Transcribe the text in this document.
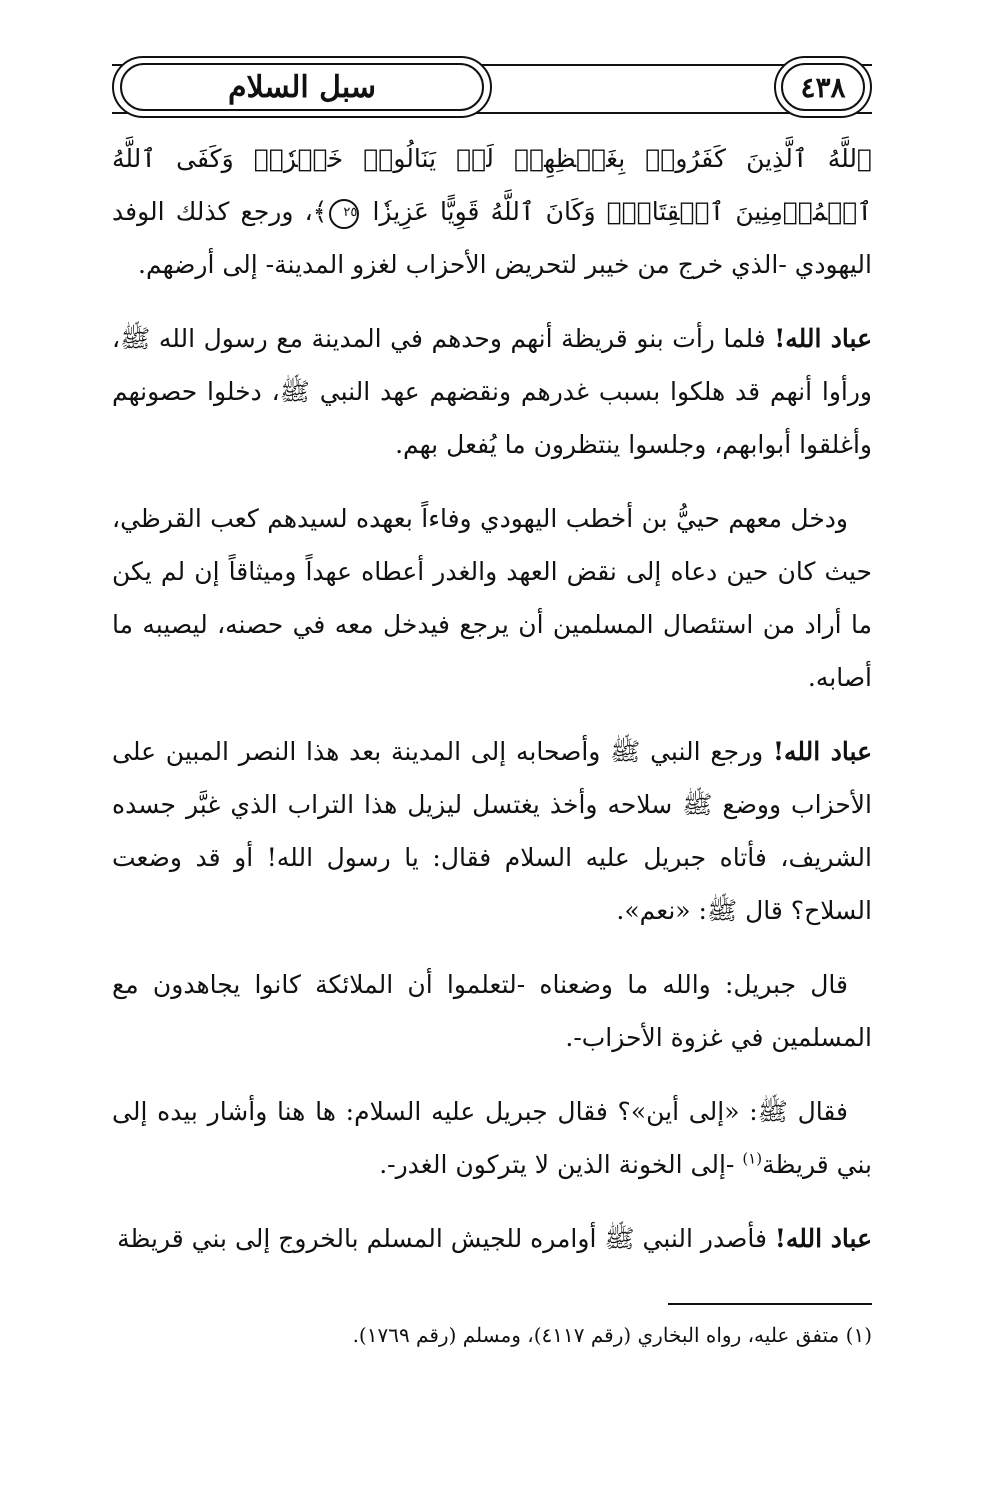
سبل السلام	٤٣٨

ﭐﻟﻠَّﻪُ ٱلَّذِينَ كَفَرُوا۟ بِغَيۡظِهِمۡ لَمۡ يَنَالُوا۟ خَيۡرٗاۚ وَكَفَى ٱللَّهُ ٱلۡمُؤۡمِنِينَ ٱلۡقِتَالَۚ وَكَانَ ٱللَّهُ قَوِيًّا عَزِيزٗا ٢٥﴾، ورجع كذلك الوفد اليهودي -الذي خرج من خيبر لتحريض الأحزاب لغزو المدينة- إلى أرضهم.

عباد الله! فلما رأت بنو قريظة أنهم وحدهم في المدينة مع رسول الله ﷺ، ورأوا أنهم قد هلكوا بسبب غدرهم ونقضهم عهد النبي ﷺ، دخلوا حصونهم وأغلقوا أبوابهم، وجلسوا ينتظرون ما يُفعل بهم.

ودخل معهم حييُّ بن أخطب اليهودي وفاءاً بعهده لسيدهم كعب القرظي، حيث كان حين دعاه إلى نقض العهد والغدر أعطاه عهداً وميثاقاً إن لم يكن ما أراد من استئصال المسلمين أن يرجع فيدخل معه في حصنه، ليصيبه ما أصابه.

عباد الله! ورجع النبي ﷺ وأصحابه إلى المدينة بعد هذا النصر المبين على الأحزاب ووضع ﷺ سلاحه وأخذ يغتسل ليزيل هذا التراب الذي غبَّر جسده الشريف، فأتاه جبريل عليه السلام فقال: يا رسول الله! أو قد وضعت السلاح؟ قال ﷺ: «نعم».

قال جبريل: والله ما وضعناه -لتعلموا أن الملائكة كانوا يجاهدون مع المسلمين في غزوة الأحزاب-.

فقال ﷺ: «إلى أين»؟ فقال جبريل عليه السلام: ها هنا وأشار بيده إلى بني قريظة$^{(١)}$ -إلى الخونة الذين لا يتركون الغدر-.

عباد الله! فأصدر النبي ﷺ أوامره للجيش المسلم بالخروج إلى بني قريظة

(١) متفق عليه، رواه البخاري (رقم ٤١١٧)، ومسلم (رقم ١٧٦٩).
